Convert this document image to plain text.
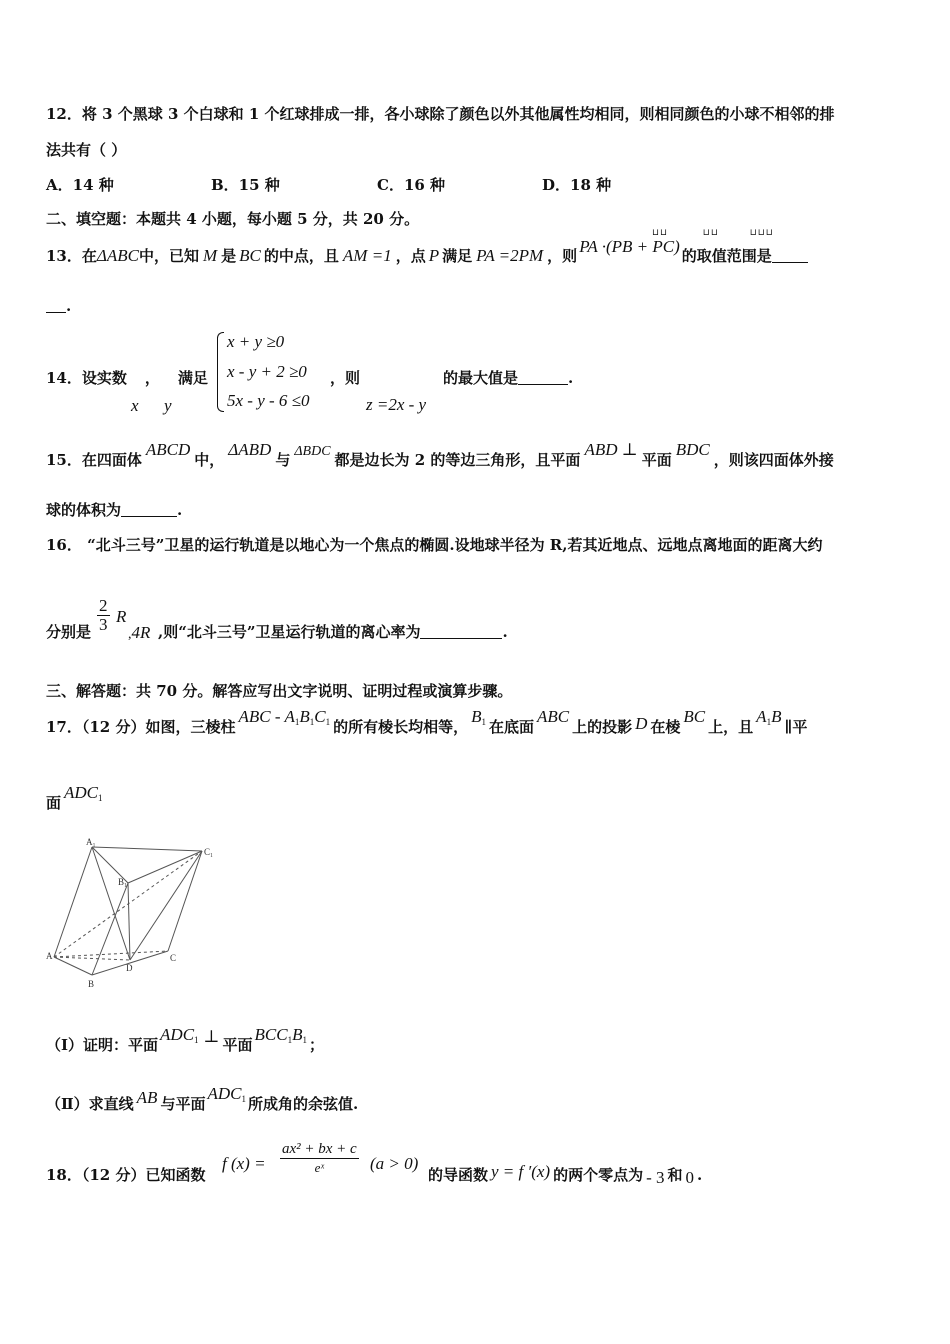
12．将 3 个黑球 3 个白球和 1 个红球排成一排，各小球除了颜色以外其他属性均相同，则相同颜色的小球不相邻的排
法共有（ ）
A．14 种	B．15 种	C．16 种	D．18 种
二、填空题：本题共 4 小题，每小题 5 分，共 20 分。
13．在ΔABC中，已知 M 是 BC 的中点，且 AM =1 ，点 P 满足 PA =2PM ，则 PA ·(PB + PC) 的取值范围是
⊔⊔         ⊔⊔        ⊔⊔⊔
.
14．设实数 ， 满足
x y
x + y ≥0
x - y + 2 ≥0
5x - y - 6 ≤0
，则
z =2x - y
的最大值是	.
15．在四面体ABCD中，ΔABD与 ΔBDC 都是边长为 2 的等边三角形，且平面ABD ⊥平面BDC，则该四面体外接
球的体积为	.
16． “北斗三号”卫星的运行轨道是以地心为一个焦点的椭圆.设地球半径为 R,若其近地点、远地点离地面的距离大约
分别是 $\frac{2}{3}$ R
,4R ,则“北斗三号”卫星运行轨道的离心率为	.
三、解答题：共 70 分。解答应写出文字说明、证明过程或演算步骤。
17．（12 分）如图，三棱柱ABC - $A_1B_1C_1$ 的所有棱长均相等，$B_1$ 在底面ABC上的投影 D 在棱BC上，且$A_1B\parallel$平
面$ADC_1$
A₁
C₁
B₁
A
B
D
C
（Ⅰ）证明：平面$ADC_1$ ⊥ 平面$BCC_1B_1$ ；
（Ⅱ）求直线 AB 与平面$ADC_1$ 所成角的余弦值.
18．（12 分）已知函数
f $(x) = \frac{\text{ax² + bx + c}}{\text{eˣ}} (a > 0)$
的导函数 y = f ′(x) 的两个零点为 - 3 和 0 .
